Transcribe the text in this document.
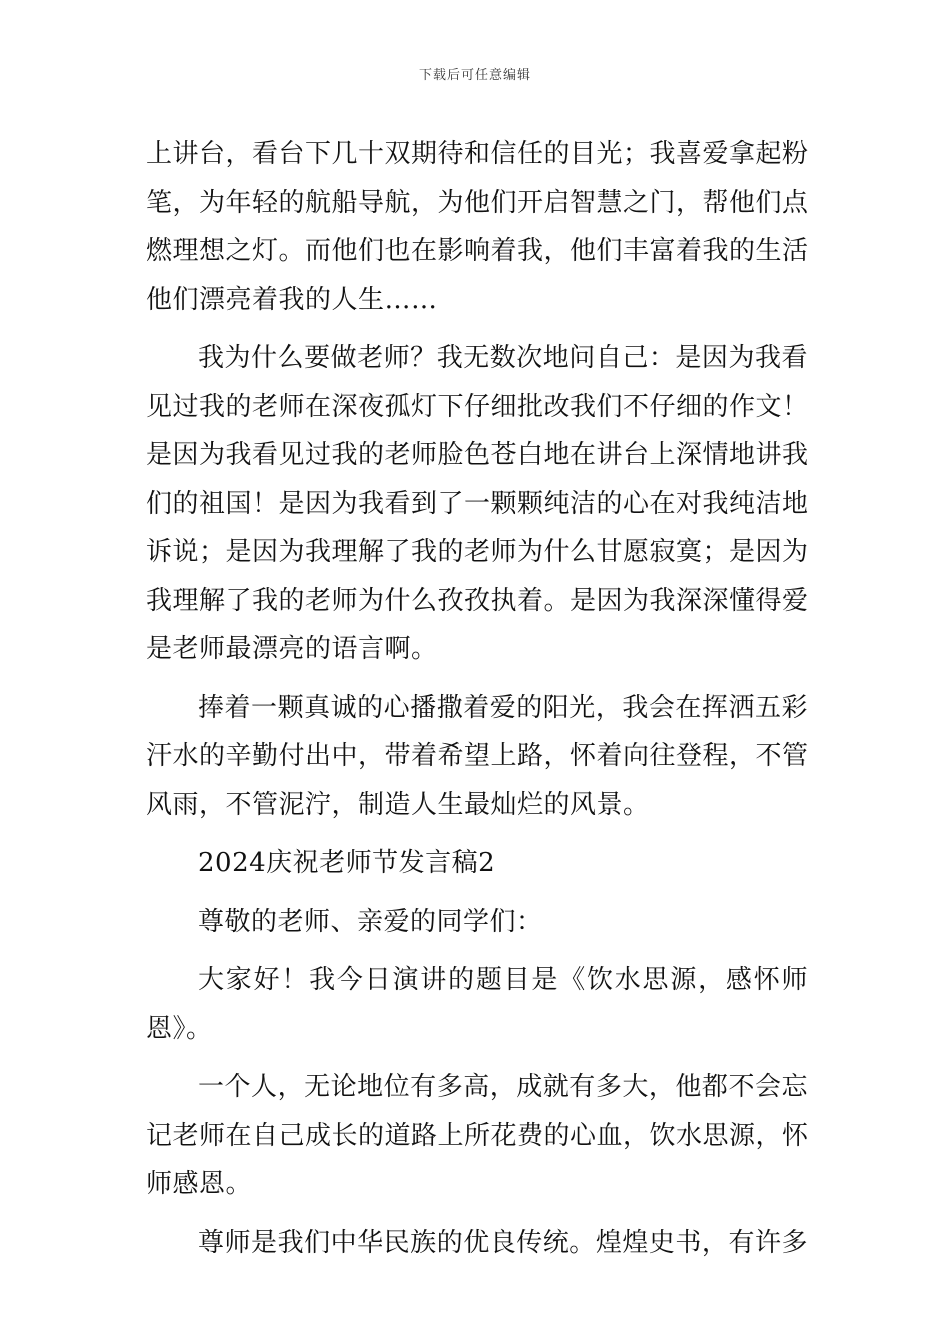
下载后可任意编辑
上讲台，看台下几十双期待和信任的目光；我喜爱拿起粉
笔，为年轻的航船导航，为他们开启智慧之门，帮他们点
燃理想之灯。而他们也在影响着我，他们丰富着我的生活
他们漂亮着我的人生……
我为什么要做老师？我无数次地问自己：是因为我看
见过我的老师在深夜孤灯下仔细批改我们不仔细的作文！
是因为我看见过我的老师脸色苍白地在讲台上深情地讲我
们的祖国！是因为我看到了一颗颗纯洁的心在对我纯洁地
诉说；是因为我理解了我的老师为什么甘愿寂寞；是因为
我理解了我的老师为什么孜孜执着。是因为我深深懂得爱
是老师最漂亮的语言啊。
捧着一颗真诚的心播撒着爱的阳光，我会在挥洒五彩
汗水的辛勤付出中，带着希望上路，怀着向往登程，不管
风雨，不管泥泞，制造人生最灿烂的风景。
2024庆祝老师节发言稿2
尊敬的老师、亲爱的同学们：
大家好！我今日演讲的题目是《饮水思源，感怀师
恩》。
一个人，无论地位有多高，成就有多大，他都不会忘
记老师在自己成长的道路上所花费的心血，饮水思源，怀
师感恩。
尊师是我们中华民族的优良传统。煌煌史书，有许多
